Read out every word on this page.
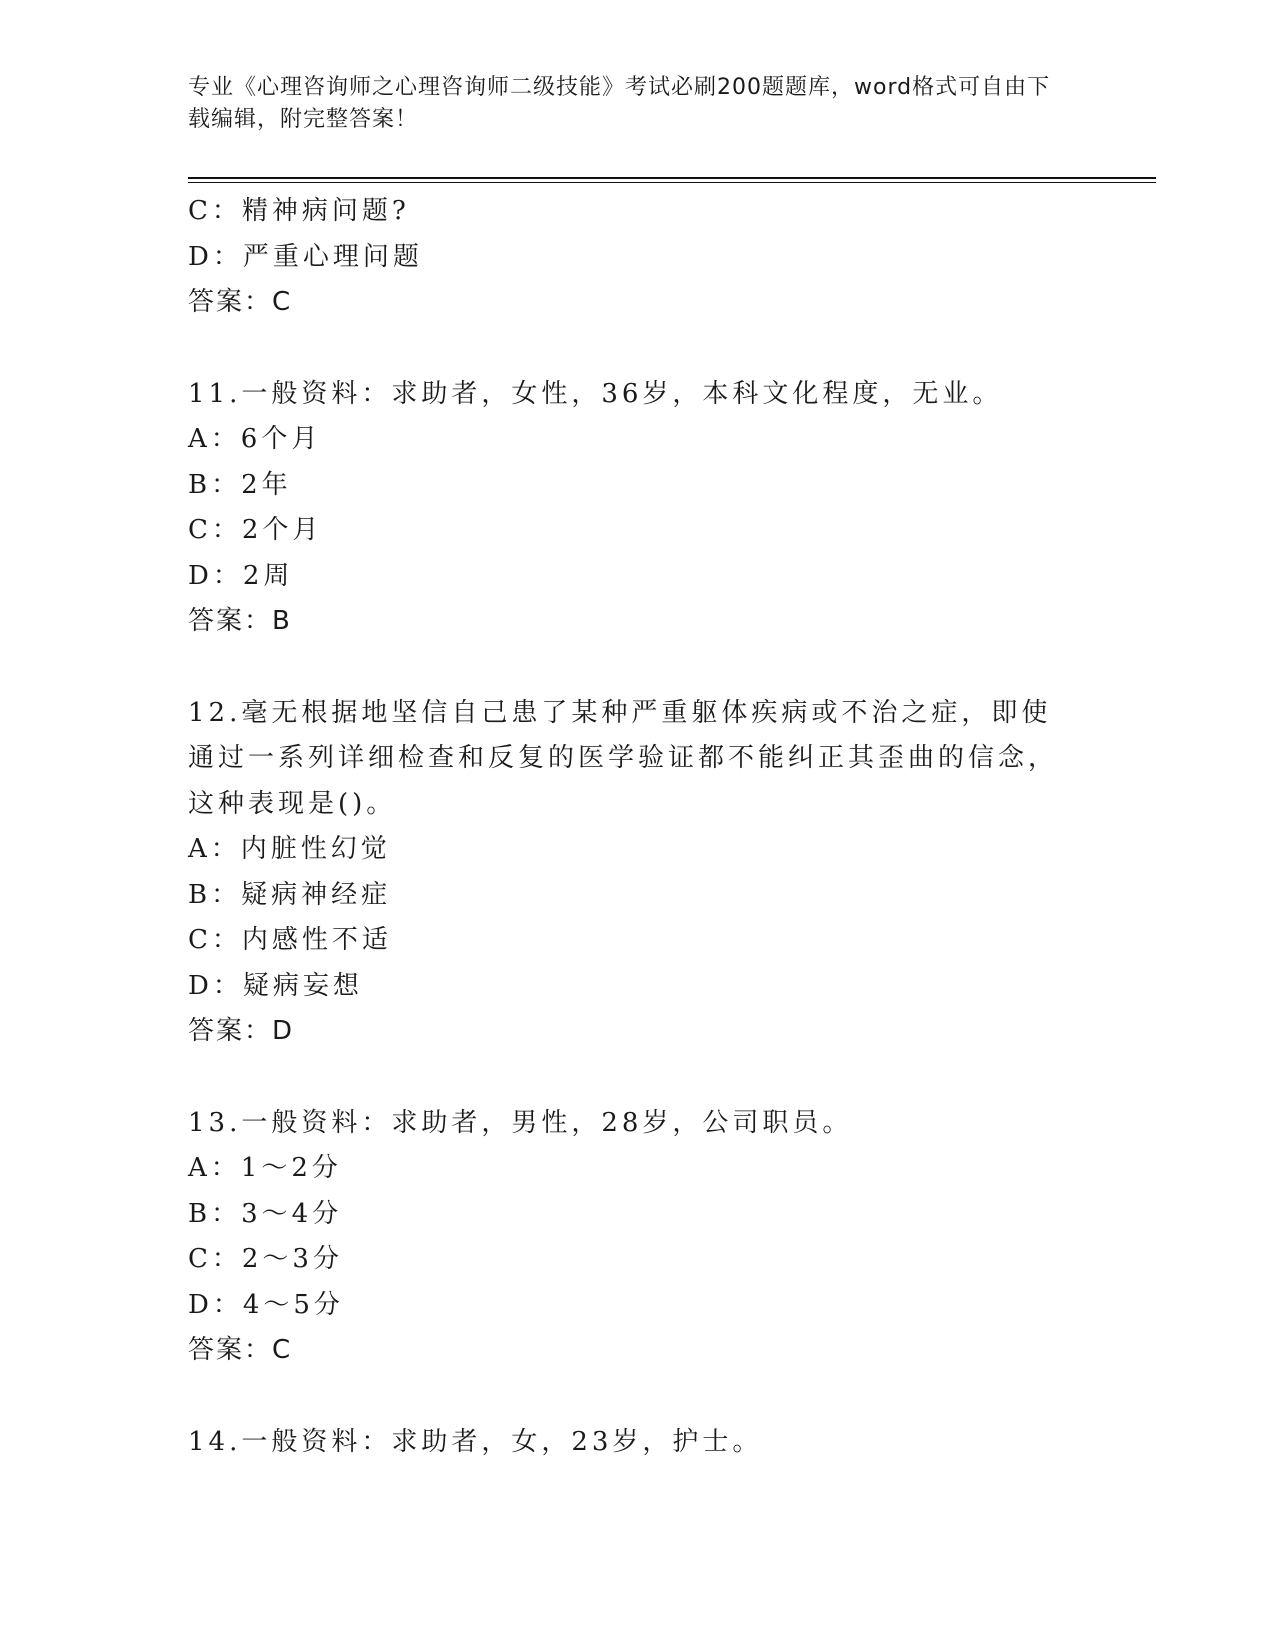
专业《心理咨询师之心理咨询师二级技能》考试必刷200题题库，word格式可自由下载编辑，附完整答案！
C：精神病问题?
D：严重心理问题
答案：C
11.一般资料：求助者，女性，36岁，本科文化程度，无业。
A：6个月
B：2年
C：2个月
D：2周
答案：B
12.毫无根据地坚信自己患了某种严重躯体疾病或不治之症，即使通过一系列详细检查和反复的医学验证都不能纠正其歪曲的信念，这种表现是()。
A：内脏性幻觉
B：疑病神经症
C：内感性不适
D：疑病妄想
答案：D
13.一般资料：求助者，男性，28岁，公司职员。
A：1～2分
B：3～4分
C：2～3分
D：4～5分
答案：C
14.一般资料：求助者，女，23岁，护士。
